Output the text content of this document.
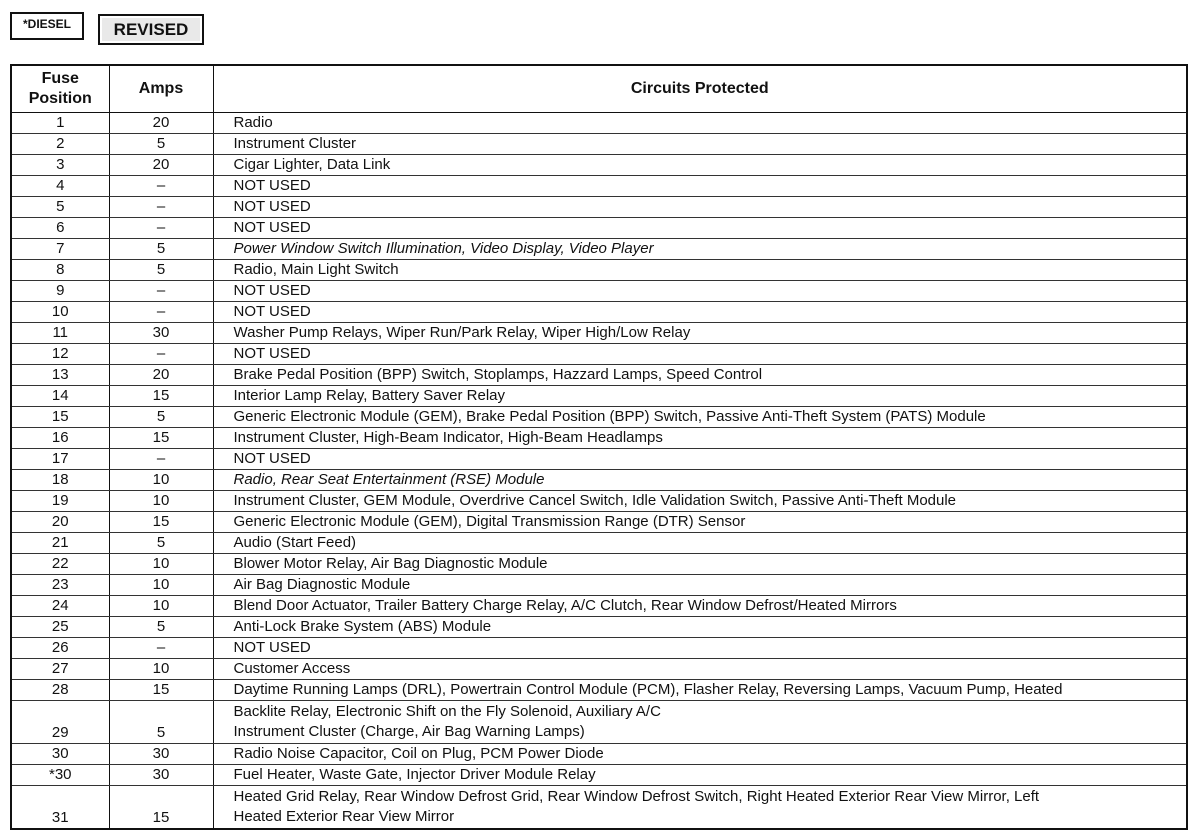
*DIESEL	REVISED
Fuse
Position	Amps	Circuits Protected
1	20	Radio
2	5	Instrument Cluster
3	20	Cigar Lighter, Data Link
4	–	NOT USED
5	–	NOT USED
6	–	NOT USED
7	5	Power Window Switch Illumination, Video Display, Video Player
8	5	Radio, Main Light Switch
9	–	NOT USED
10	–	NOT USED
11	30	Washer Pump Relays, Wiper Run/Park Relay, Wiper High/Low Relay
12	–	NOT USED
13	20	Brake Pedal Position (BPP) Switch, Stoplamps, Hazzard Lamps, Speed Control
14	15	Interior Lamp Relay, Battery Saver Relay
15	5	Generic Electronic Module (GEM), Brake Pedal Position (BPP) Switch, Passive Anti-Theft System (PATS) Module
16	15	Instrument Cluster, High-Beam Indicator, High-Beam Headlamps
17	–	NOT USED
18	10	Radio, Rear Seat Entertainment (RSE) Module
19	10	Instrument Cluster, GEM Module, Overdrive Cancel Switch, Idle Validation Switch, Passive Anti-Theft Module
20	15	Generic Electronic Module (GEM), Digital Transmission Range (DTR) Sensor
21	5	Audio (Start Feed)
22	10	Blower Motor Relay, Air Bag Diagnostic Module
23	10	Air Bag Diagnostic Module
24	10	Blend Door Actuator, Trailer Battery Charge Relay, A/C Clutch, Rear Window Defrost/Heated Mirrors
25	5	Anti-Lock Brake System (ABS) Module
26	–	NOT USED
27	10	Customer Access
28	15	Daytime Running Lamps (DRL), Powertrain Control Module (PCM), Flasher Relay, Reversing Lamps, Vacuum Pump, Heated
29	5	Backlite Relay, Electronic Shift on the Fly Solenoid, Auxiliary A/C
Instrument Cluster (Charge, Air Bag Warning Lamps)
30	30	Radio Noise Capacitor, Coil on Plug, PCM Power Diode
*30	30	Fuel Heater, Waste Gate, Injector Driver Module Relay
31	15	Heated Grid Relay, Rear Window Defrost Grid, Rear Window Defrost Switch, Right Heated Exterior Rear View Mirror, Left
Heated Exterior Rear View Mirror
